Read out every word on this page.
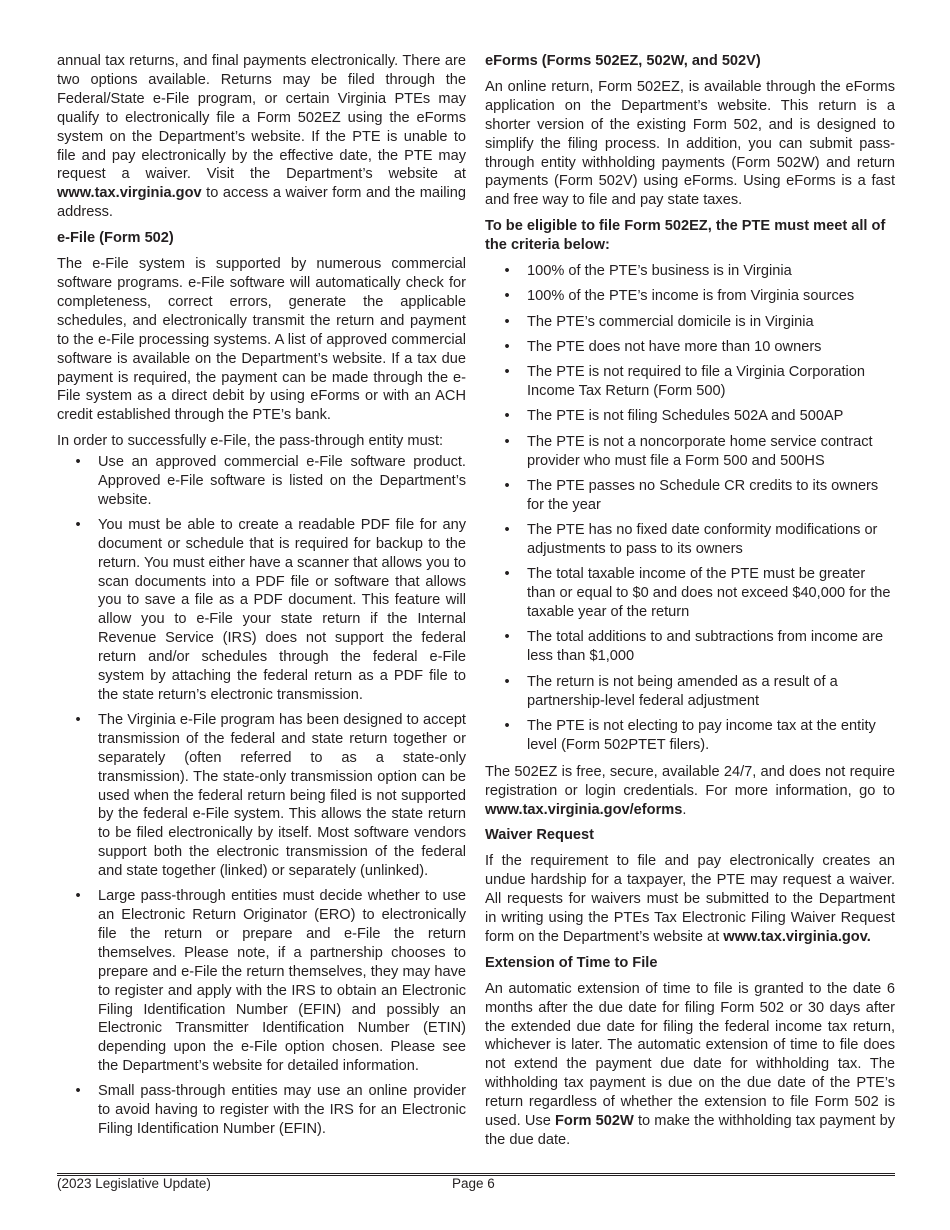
annual tax returns, and final payments electronically. There are two options available. Returns may be filed through the Federal/State e-File program, or certain Virginia PTEs may qualify to electronically file a Form 502EZ using the eForms system on the Department’s website. If the PTE is unable to file and pay electronically by the effective date, the PTE may request a waiver. Visit the Department’s website at www.tax.virginia.gov to access a waiver form and the mailing address.

e-File (Form 502)

The e-File system is supported by numerous commercial software programs. e-File software will automatically check for completeness, correct errors, generate the applicable schedules, and electronically transmit the return and payment to the e-File processing systems. A list of approved commercial software is available on the Department’s website. If a tax due payment is required, the payment can be made through the e-File system as a direct debit by using eForms or with an ACH credit established through the PTE’s bank.

In order to successfully e-File, the pass-through entity must:

• Use an approved commercial e-File software product. Approved e-File software is listed on the Department’s website.
• You must be able to create a readable PDF file for any document or schedule that is required for backup to the return. You must either have a scanner that allows you to scan documents into a PDF file or software that allows you to save a file as a PDF document. This feature will allow you to e-File your state return if the Internal Revenue Service (IRS) does not support the federal return and/or schedules through the federal e-File system by attaching the federal return as a PDF file to the state return’s electronic transmission.
• The Virginia e-File program has been designed to accept transmission of the federal and state return together or separately (often referred to as a state-only transmission). The state-only transmission option can be used when the federal return being filed is not supported by the federal e-File system. This allows the state return to be filed electronically by itself. Most software vendors support both the electronic transmission of the federal and state together (linked) or separately (unlinked).
• Large pass-through entities must decide whether to use an Electronic Return Originator (ERO) to electronically file the return or prepare and e-File the return themselves. Please note, if a partnership chooses to prepare and e-File the return themselves, they may have to register and apply with the IRS to obtain an Electronic Filing Identification Number (EFIN) and possibly an Electronic Transmitter Identification Number (ETIN) depending upon the e-File option chosen. Please see the Department’s website for detailed information.
• Small pass-through entities may use an online provider to avoid having to register with the IRS for an Electronic Filing Identification Number (EFIN).
eForms (Forms 502EZ, 502W, and 502V)

An online return, Form 502EZ, is available through the eForms application on the Department’s website. This return is a shorter version of the existing Form 502, and is designed to simplify the filing process. In addition, you can submit pass-through entity withholding payments (Form 502W) and return payments (Form 502V) using eForms. Using eForms is a fast and free way to file and pay state taxes.

To be eligible to file Form 502EZ, the PTE must meet all of the criteria below:
• 100% of the PTE’s business is in Virginia
• 100% of the PTE’s income is from Virginia sources
• The PTE’s commercial domicile is in Virginia
• The PTE does not have more than 10 owners
• The PTE is not required to file a Virginia Corporation Income Tax Return (Form 500)
• The PTE is not filing Schedules 502A and 500AP
• The PTE is not a noncorporate home service contract provider who must file a Form 500 and 500HS
• The PTE passes no Schedule CR credits to its owners for the year
• The PTE has no fixed date conformity modifications or adjustments to pass to its owners
• The total taxable income of the PTE must be greater than or equal to $0 and does not exceed $40,000 for the taxable year of the return
• The total additions to and subtractions from income are less than $1,000
• The return is not being amended as a result of a partnership-level federal adjustment
• The PTE is not electing to pay income tax at the entity level (Form 502PTET filers).

The 502EZ is free, secure, available 24/7, and does not require registration or login credentials. For more information, go to www.tax.virginia.gov/eforms.

Waiver Request

If the requirement to file and pay electronically creates an undue hardship for a taxpayer, the PTE may request a waiver. All requests for waivers must be submitted to the Department in writing using the PTEs Tax Electronic Filing Waiver Request form on the Department’s website at www.tax.virginia.gov.

Extension of Time to File

An automatic extension of time to file is granted to the date 6 months after the due date for filing Form 502 or 30 days after the extended due date for filing the federal income tax return, whichever is later. The automatic extension of time to file does not extend the payment due date for withholding tax. The withholding tax payment is due on the due date of the PTE’s return regardless of whether the extension to file Form 502 is used. Use Form 502W to make the withholding tax payment by the due date.

(2023 Legislative Update)	Page 6
